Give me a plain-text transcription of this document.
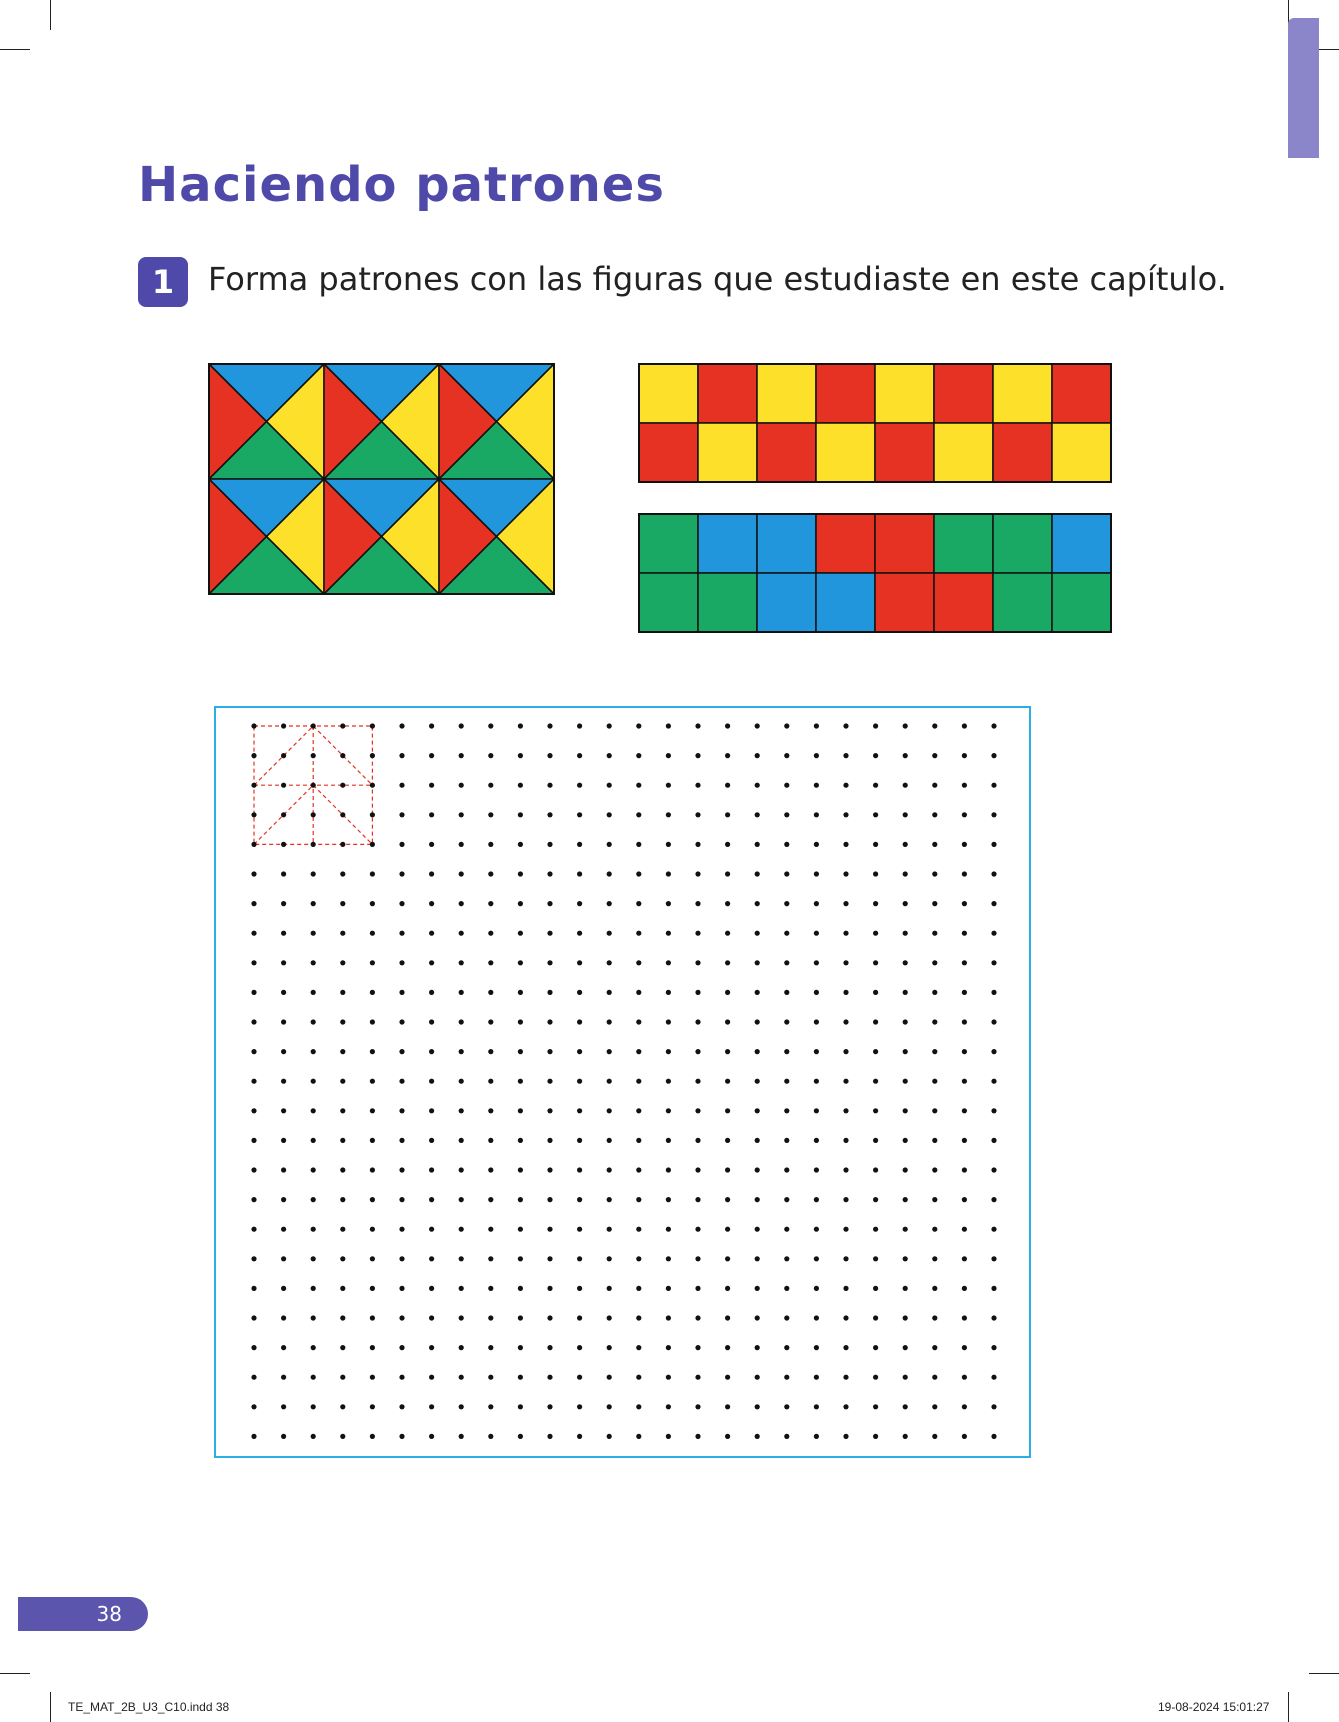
Haciendo patrones
1	Forma patrones con las figuras que estudiaste en este capítulo.

38
TE_MAT_2B_U3_C10.indd 38	19-08-2024 15:01:27
